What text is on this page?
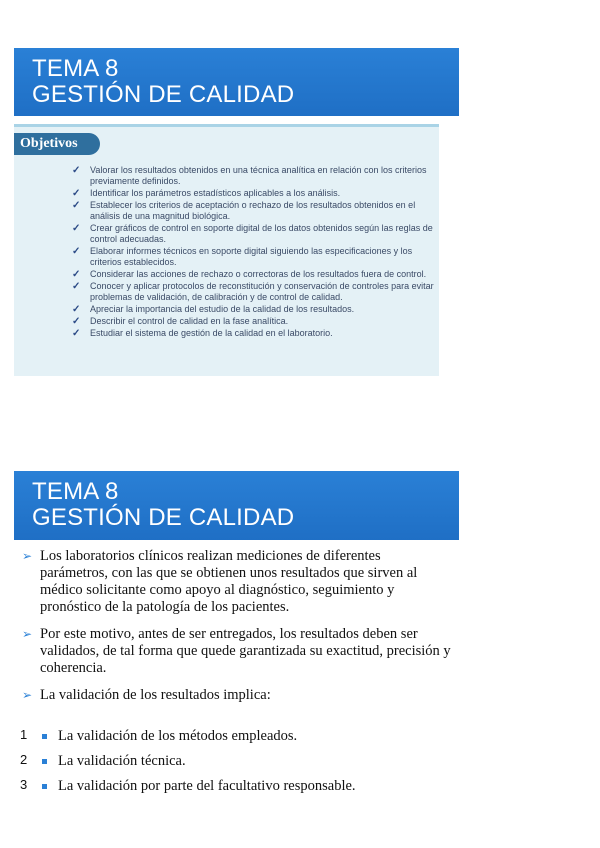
TEMA 8
GESTIÓN DE CALIDAD
Objetivos
✓ Valorar los resultados obtenidos en una técnica analítica en relación con los criterios previamente definidos.
✓ Identificar los parámetros estadísticos aplicables a los análisis.
✓ Establecer los criterios de aceptación o rechazo de los resultados obtenidos en el análisis de una magnitud biológica.
✓ Crear gráficos de control en soporte digital de los datos obtenidos según las reglas de control adecuadas.
✓ Elaborar informes técnicos en soporte digital siguiendo las especificaciones y los criterios establecidos.
✓ Considerar las acciones de rechazo o correctoras de los resultados fuera de control.
✓ Conocer y aplicar protocolos de reconstitución y conservación de controles para evitar problemas de validación, de calibración y de control de calidad.
✓ Apreciar la importancia del estudio de la calidad de los resultados.
✓ Describir el control de calidad en la fase analítica.
✓ Estudiar el sistema de gestión de la calidad en el laboratorio.
TEMA 8
GESTIÓN DE CALIDAD
➢ Los laboratorios clínicos realizan mediciones de diferentes parámetros, con las que se obtienen unos resultados que sirven al médico solicitante como apoyo al diagnóstico, seguimiento y pronóstico de la patología de los pacientes.
➢ Por este motivo, antes de ser entregados, los resultados deben ser validados, de tal forma que quede garantizada su exactitud, precisión y coherencia.
➢ La validación de los resultados implica:
1 La validación de los métodos empleados.
2 La validación técnica.
3 La validación por parte del facultativo responsable.
